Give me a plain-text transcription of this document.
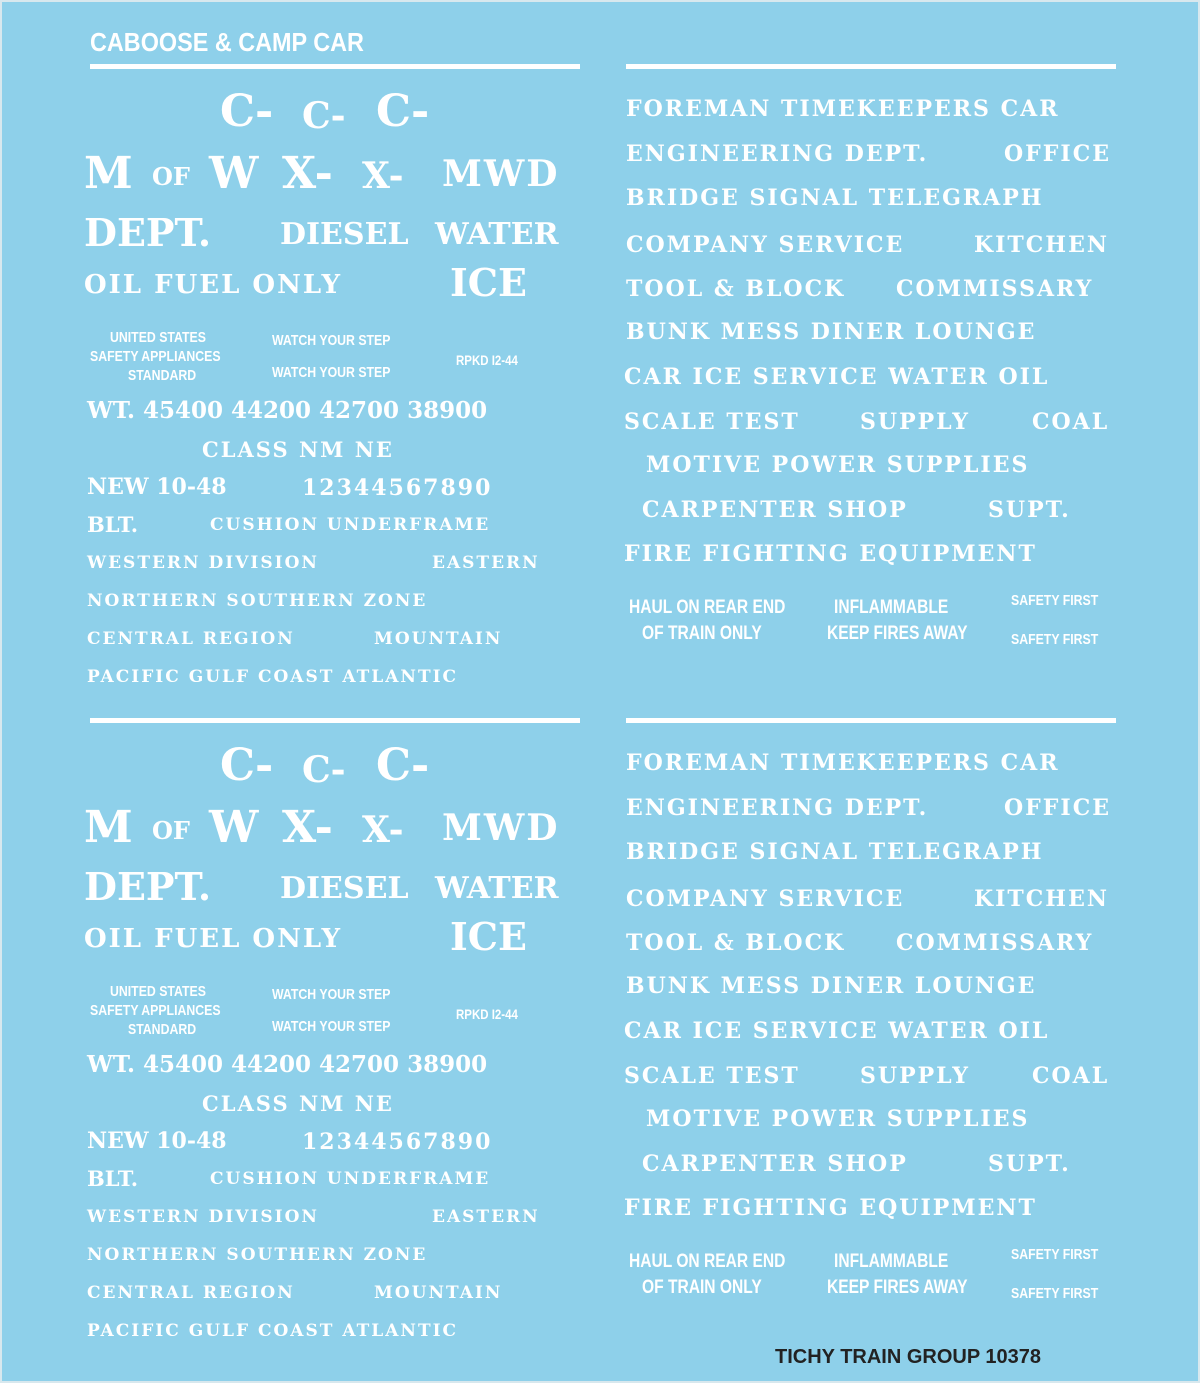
CABOOSE & CAMP CAR
TICHY TRAIN GROUP 10378
C- C- C-
M OF W X- X- MWD
DEPT. DIESEL WATER
OIL FUEL ONLY	ICE
UNITED STATES
SAFETY APPLIANCES
STANDARD
WATCH YOUR STEP
WATCH YOUR STEP
RPKD I2-44
WT. 45400 44200 42700 38900
CLASS NM NE
NEW 10-48	12344567890
BLT.	CUSHION UNDERFRAME
WESTERN DIVISION	EASTERN
NORTHERN SOUTHERN ZONE
CENTRAL REGION	MOUNTAIN
PACIFIC GULF COAST ATLANTIC
C- C- C-
M OF W X- X- MWD
DEPT. DIESEL WATER
OIL FUEL ONLY	ICE
UNITED STATES
SAFETY APPLIANCES
STANDARD
WATCH YOUR STEP
WATCH YOUR STEP
RPKD I2-44
WT. 45400 44200 42700 38900
CLASS NM NE
NEW 10-48	12344567890
BLT.	CUSHION UNDERFRAME
WESTERN DIVISION	EASTERN
NORTHERN SOUTHERN ZONE
CENTRAL REGION	MOUNTAIN
PACIFIC GULF COAST ATLANTIC
FOREMAN TIMEKEEPERS CAR
ENGINEERING DEPT.	OFFICE
BRIDGE SIGNAL TELEGRAPH
COMPANY SERVICE	KITCHEN
TOOL & BLOCK COMMISSARY
BUNK MESS DINER LOUNGE
CAR ICE SERVICE WATER OIL
SCALE TEST	SUPPLY	COAL
MOTIVE POWER SUPPLIES
CARPENTER SHOP	SUPT.
FIRE FIGHTING EQUIPMENT
HAUL ON REAR END
OF TRAIN ONLY
INFLAMMABLE
KEEP FIRES AWAY
SAFETY FIRST
SAFETY FIRST
FOREMAN TIMEKEEPERS CAR
ENGINEERING DEPT.	OFFICE
BRIDGE SIGNAL TELEGRAPH
COMPANY SERVICE	KITCHEN
TOOL & BLOCK COMMISSARY
BUNK MESS DINER LOUNGE
CAR ICE SERVICE WATER OIL
SCALE TEST	SUPPLY	COAL
MOTIVE POWER SUPPLIES
CARPENTER SHOP	SUPT.
FIRE FIGHTING EQUIPMENT
HAUL ON REAR END
OF TRAIN ONLY
INFLAMMABLE
KEEP FIRES AWAY
SAFETY FIRST
SAFETY FIRST
